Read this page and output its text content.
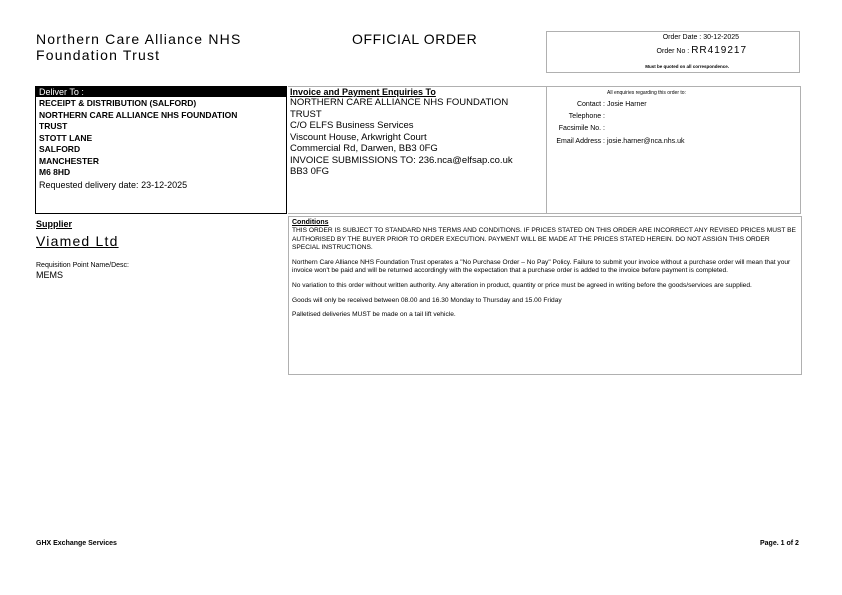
Northern Care Alliance NHS
Foundation Trust
OFFICIAL ORDER	Order Date : 30-12-2025
Order No : RR419217
Must be quoted on all correspondence.
Deliver To :
RECEIPT & DISTRIBUTION (SALFORD)
NORTHERN CARE ALLIANCE NHS FOUNDATION
TRUST
STOTT LANE
SALFORD
MANCHESTER
M6 8HD
Requested delivery date: 23-12-2025
Invoice and Payment Enquiries To
NORTHERN CARE ALLIANCE NHS FOUNDATION
TRUST
C/O ELFS Business Services
Viscount House, Arkwright Court
Commercial Rd, Darwen, BB3 0FG
INVOICE SUBMISSIONS TO: 236.nca@elfsap.co.uk
BB3 0FG
All enquiries regarding this order to:
Contact : Josie Harner
Telephone :
Facsimile No. :
Email Address : josie.harner@nca.nhs.uk
Supplier
Viamed Ltd
Requisition Point Name/Desc:
MEMS
Conditions

THIS ORDER IS SUBJECT TO STANDARD NHS TERMS AND CONDITIONS. IF PRICES STATED ON THIS ORDER ARE INCORRECT ANY REVISED PRICES MUST BE AUTHORISED BY THE BUYER PRIOR TO ORDER EXECUTION. PAYMENT WILL BE MADE AT THE PRICES STATED HEREIN. DO NOT ASSIGN THIS ORDER SPECIAL INSTRUCTIONS.

Northern Care Alliance NHS Foundation Trust operates a "No Purchase Order – No Pay" Policy. Failure to submit your invoice without a purchase order will mean that your invoice won't be paid and will be returned accordingly with the expectation that a purchase order is added to the invoice before payment is completed.

No variation to this order without written authority. Any alteration in product, quantity or price must be agreed in writing before the goods/services are supplied.

Goods will only be received between 08.00 and 16.30 Monday to Thursday and 15.00 Friday

Palletised deliveries MUST be made on a tail lift vehicle.

GHX Exchange Services	Page. 1 of 2
